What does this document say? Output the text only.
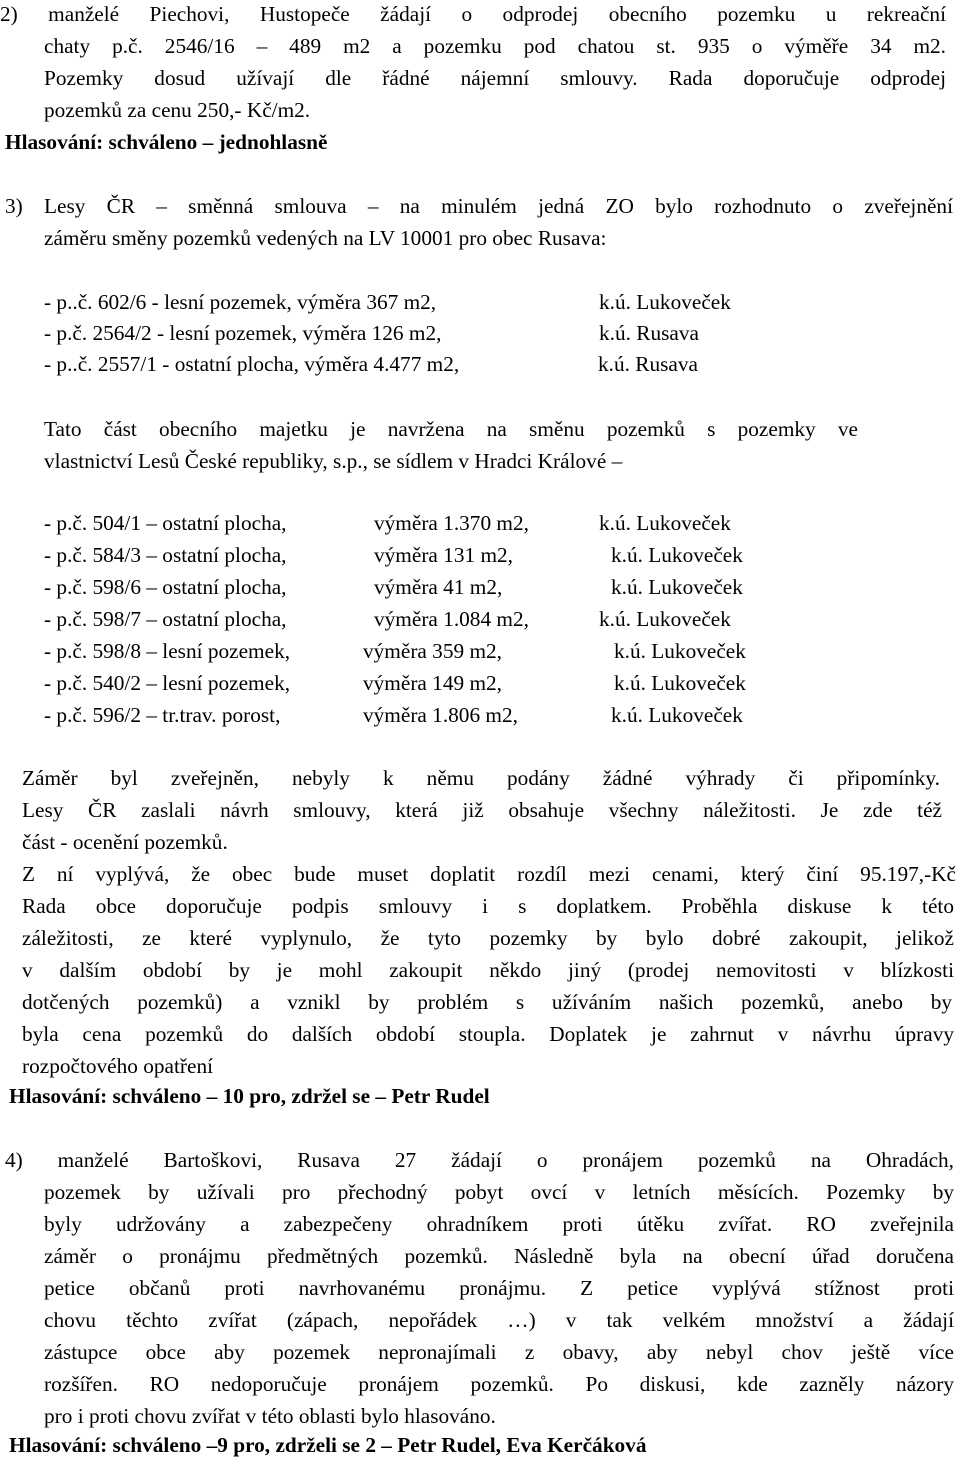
2) manželé Piechovi, Hustopeče žádají o odprodej obecního pozemku u rekreační
chaty p.č. 2546/16 – 489 m2 a pozemku pod chatou st. 935 o výměře 34 m2.
Pozemky dosud užívají dle řádné nájemní smlouvy. Rada doporučuje odprodej
pozemků za cenu 250,- Kč/m2.
Hlasování: schváleno – jednohlasně
3) Lesy ČR – směnná smlouva – na minulém jedná ZO bylo rozhodnuto o zveřejnění
záměru směny pozemků vedených na LV 10001 pro obec Rusava:
- p..č. 602/6 - lesní pozemek, výměra 367 m2,	k.ú. Lukoveček
- p.č. 2564/2 - lesní pozemek, výměra 126 m2,	k.ú. Rusava
- p..č. 2557/1 - ostatní plocha, výměra 4.477 m2,	k.ú. Rusava
Tato část obecního majetku je navržena na směnu pozemků s pozemky ve
vlastnictví Lesů České republiky, s.p., se sídlem v Hradci Králové –
- p.č. 504/1 – ostatní plocha,	výměra 1.370 m2,	k.ú. Lukoveček
- p.č. 584/3 – ostatní plocha,	výměra 131 m2,	k.ú. Lukoveček
- p.č. 598/6 – ostatní plocha,	výměra 41 m2,	k.ú. Lukoveček
- p.č. 598/7 – ostatní plocha,	výměra 1.084 m2,	k.ú. Lukoveček
- p.č. 598/8 – lesní pozemek,	výměra 359 m2,	k.ú. Lukoveček
- p.č. 540/2 – lesní pozemek,	výměra 149 m2,	k.ú. Lukoveček
- p.č. 596/2 – tr.trav. porost,	výměra 1.806 m2,	k.ú. Lukoveček
Záměr byl zveřejněn, nebyly k němu podány žádné výhrady či připomínky.
Lesy ČR zaslali návrh smlouvy, která již obsahuje všechny náležitosti. Je zde též
část - ocenění pozemků.
Z ní vyplývá, že obec bude muset doplatit rozdíl mezi cenami, který činí 95.197,-Kč
Rada obce doporučuje podpis smlouvy i s doplatkem. Proběhla diskuse k této
záležitosti, ze které vyplynulo, že tyto pozemky by bylo dobré zakoupit, jelikož
v dalším období by je mohl zakoupit někdo jiný (prodej nemovitosti v blízkosti
dotčených pozemků) a vznikl by problém s užíváním našich pozemků, anebo by
byla cena pozemků do dalších období stoupla. Doplatek je zahrnut v návrhu úpravy
rozpočtového opatření
Hlasování: schváleno – 10 pro, zdržel se – Petr Rudel
4) manželé Bartoškovi, Rusava 27 žádají o pronájem pozemků na Ohradách,
pozemek by užívali pro přechodný pobyt ovcí v letních měsících. Pozemky by
byly udržovány a zabezpečeny ohradníkem proti útěku zvířat. RO zveřejnila
záměr o pronájmu předmětných pozemků. Následně byla na obecní úřad doručena
petice občanů proti navrhovanému pronájmu. Z petice vyplývá stížnost proti
chovu těchto zvířat (zápach, nepořádek …) v tak velkém množství a žádají
zástupce obce aby pozemek nepronajímali z obavy, aby nebyl chov ještě více
rozšířen. RO nedoporučuje pronájem pozemků. Po diskusi, kde zazněly názory
pro i proti chovu zvířat v této oblasti bylo hlasováno.
Hlasování: schváleno –9 pro, zdrželi se 2 – Petr Rudel, Eva Kerčáková
